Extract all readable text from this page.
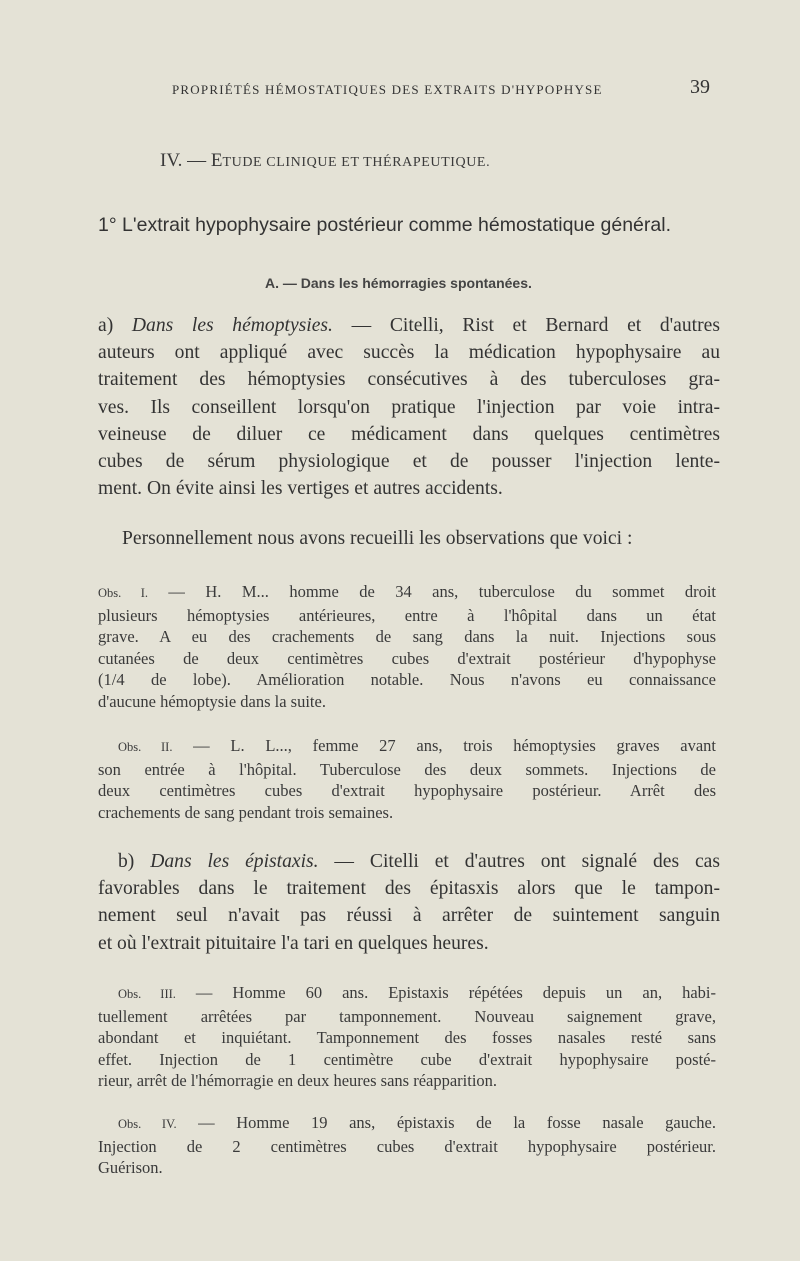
PROPRIÉTÉS HÉMOSTATIQUES DES EXTRAITS D'HYPOPHYSE	39
IV. — ETUDE CLINIQUE ET THÉRAPEUTIQUE.
1° L'extrait hypophysaire postérieur comme hémostatique général.
A. — Dans les hémorragies spontanées.
a) Dans les hémoptysies. — Citelli, Rist et Bernard et d'autres
auteurs ont appliqué avec succès la médication hypophysaire au
traitement des hémoptysies consécutives à des tuberculoses gra-
ves. Ils conseillent lorsqu'on pratique l'injection par voie intra-
veineuse de diluer ce médicament dans quelques centimètres
cubes de sérum physiologique et de pousser l'injection lente-
ment. On évite ainsi les vertiges et autres accidents.
Personnellement nous avons recueilli les observations que voici :
Obs. I. — H. M... homme de 34 ans, tuberculose du sommet droit
plusieurs hémoptysies antérieures, entre à l'hôpital dans un état
grave. A eu des crachements de sang dans la nuit. Injections sous
cutanées de deux centimètres cubes d'extrait postérieur d'hypophyse
(1/4 de lobe). Amélioration notable. Nous n'avons eu connaissance
d'aucune hémoptysie dans la suite.
Obs. II. — L. L..., femme 27 ans, trois hémoptysies graves avant
son entrée à l'hôpital. Tuberculose des deux sommets. Injections de
deux centimètres cubes d'extrait hypophysaire postérieur. Arrêt des
crachements de sang pendant trois semaines.
b) Dans les épistaxis. — Citelli et d'autres ont signalé des cas
favorables dans le traitement des épitasxis alors que le tampon-
nement seul n'avait pas réussi à arrêter de suintement sanguin
et où l'extrait pituitaire l'a tari en quelques heures.
Obs. III. — Homme 60 ans. Epistaxis répétées depuis un an, habi-
tuellement arrêtées par tamponnement. Nouveau saignement grave,
abondant et inquiétant. Tamponnement des fosses nasales resté sans
effet. Injection de 1 centimètre cube d'extrait hypophysaire posté-
rieur, arrêt de l'hémorragie en deux heures sans réapparition.
Obs. IV. — Homme 19 ans, épistaxis de la fosse nasale gauche.
Injection de 2 centimètres cubes d'extrait hypophysaire postérieur.
Guérison.
